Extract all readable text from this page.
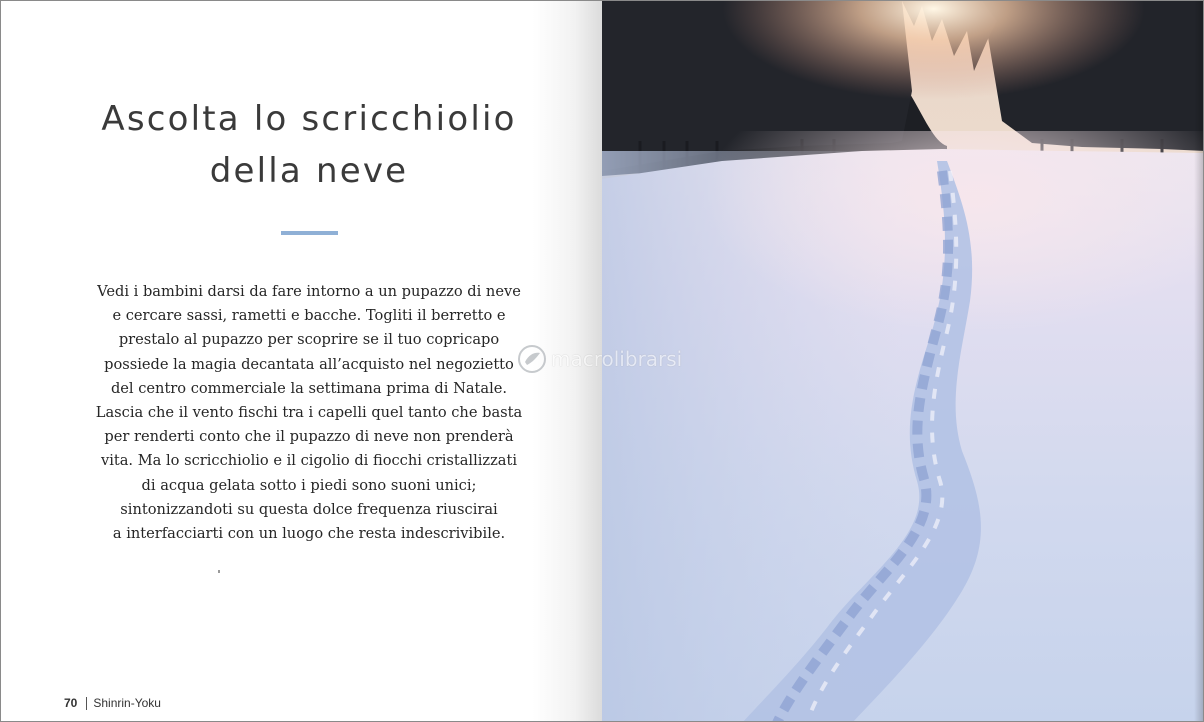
Ascolta lo scricchiolio
della neve
Vedi i bambini darsi da fare intorno a un pupazzo di neve
e cercare sassi, rametti e bacche. Togliti il berretto e
prestalo al pupazzo per scoprire se il tuo copricapo
possiede la magia decantata all’acquisto nel negozietto
del centro commerciale la settimana prima di Natale.
Lascia che il vento fischi tra i capelli quel tanto che basta
per renderti conto che il pupazzo di neve non prenderà
vita. Ma lo scricchiolio e il cigolio di fiocchi cristallizzati
di acqua gelata sotto i piedi sono suoni unici;
sintonizzandoti su questa dolce frequenza riuscirai
a interfacciarti con un luogo che resta indescrivibile.
70 Shinrin-Yoku
macrolibrarsi
